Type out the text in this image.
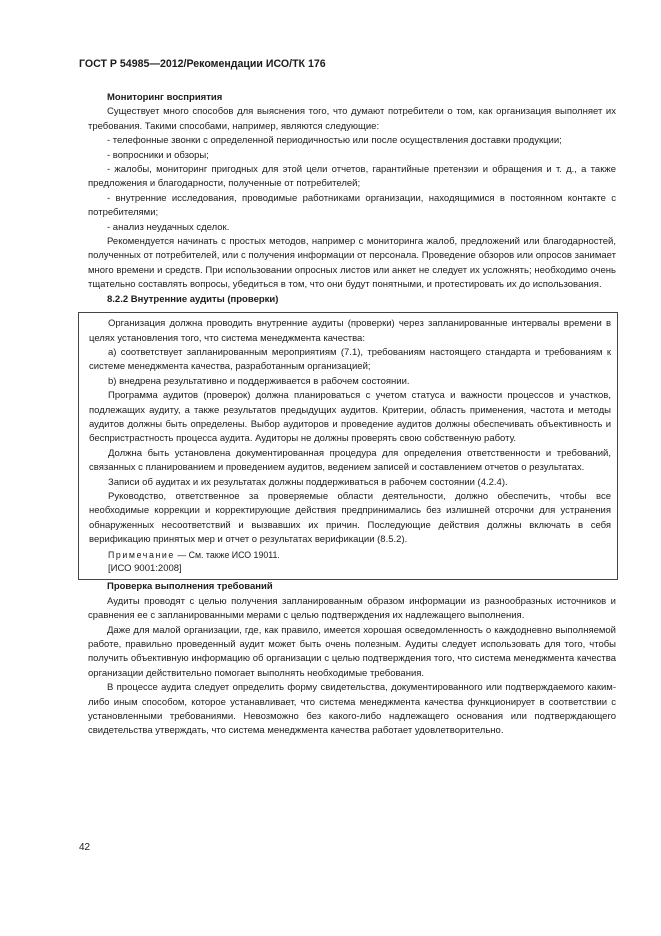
ГОСТ Р 54985—2012/Рекомендации ИСО/ТК 176

Мониторинг восприятия

Существует много способов для выяснения того, что думают потребители о том, как организация выполняет их требования. Такими способами, например, являются следующие:

- телефонные звонки с определенной периодичностью или после осуществления доставки продукции;

- вопросники и обзоры;

- жалобы, мониторинг пригодных для этой цели отчетов, гарантийные претензии и обращения и т. д., а также предложения и благодарности, полученные от потребителей;

- внутренние исследования, проводимые работниками организации, находящимися в постоянном контакте с потребителями;

- анализ неудачных сделок.

Рекомендуется начинать с простых методов, например с мониторинга жалоб, предложений или благодарностей, полученных от потребителей, или с получения информации от персонала. Проведение обзоров или опросов занимает много времени и средств. При использовании опросных листов или анкет не следует их усложнять; необходимо очень тщательно составлять вопросы, убедиться в том, что они будут понятными, и протестировать их до использования.

8.2.2 Внутренние аудиты (проверки)

Организация должна проводить внутренние аудиты (проверки) через запланированные интервалы времени в целях установления того, что система менеджмента качества:

a) соответствует запланированным мероприятиям (7.1), требованиям настоящего стандарта и требованиям к системе менеджмента качества, разработанным организацией;

b) внедрена результативно и поддерживается в рабочем состоянии.

Программа аудитов (проверок) должна планироваться с учетом статуса и важности процессов и участков, подлежащих аудиту, а также результатов предыдущих аудитов. Критерии, область применения, частота и методы аудитов должны быть определены. Выбор аудиторов и проведение аудитов должны обеспечивать объективность и беспристрастность процесса аудита. Аудиторы не должны проверять свою собственную работу.

Должна быть установлена документированная процедура для определения ответственности и требований, связанных с планированием и проведением аудитов, ведением записей и составлением отчетов о результатах.

Записи об аудитах и их результатах должны поддерживаться в рабочем состоянии (4.2.4).

Руководство, ответственное за проверяемые области деятельности, должно обеспечить, чтобы все необходимые коррекции и корректирующие действия предпринимались без излишней отсрочки для устранения обнаруженных несоответствий и вызвавших их причин. Последующие действия должны включать в себя верификацию принятых мер и отчет о результатах верификации (8.5.2).

Примечание — См. также ИСО 19011.

[ИСО 9001:2008]

Проверка выполнения требований

Аудиты проводят с целью получения запланированным образом информации из разнообразных источников и сравнения ее с запланированными мерами с целью подтверждения их надлежащего выполнения.

Даже для малой организации, где, как правило, имеется хорошая осведомленность о каждодневно выполняемой работе, правильно проведенный аудит может быть очень полезным. Аудиты следует использовать для того, чтобы получить объективную информацию об организации с целью подтверждения того, что система менеджмента качества организации действительно помогает выполнять необходимые требования.

В процессе аудита следует определить форму свидетельства, документированного или подтверждаемого каким-либо иным способом, которое устанавливает, что система менеджмента качества функционирует в соответствии с установленными требованиями. Невозможно без какого-либо надлежащего основания или подтверждающего свидетельства утверждать, что система менеджмента качества работает удовлетворительно.

42
